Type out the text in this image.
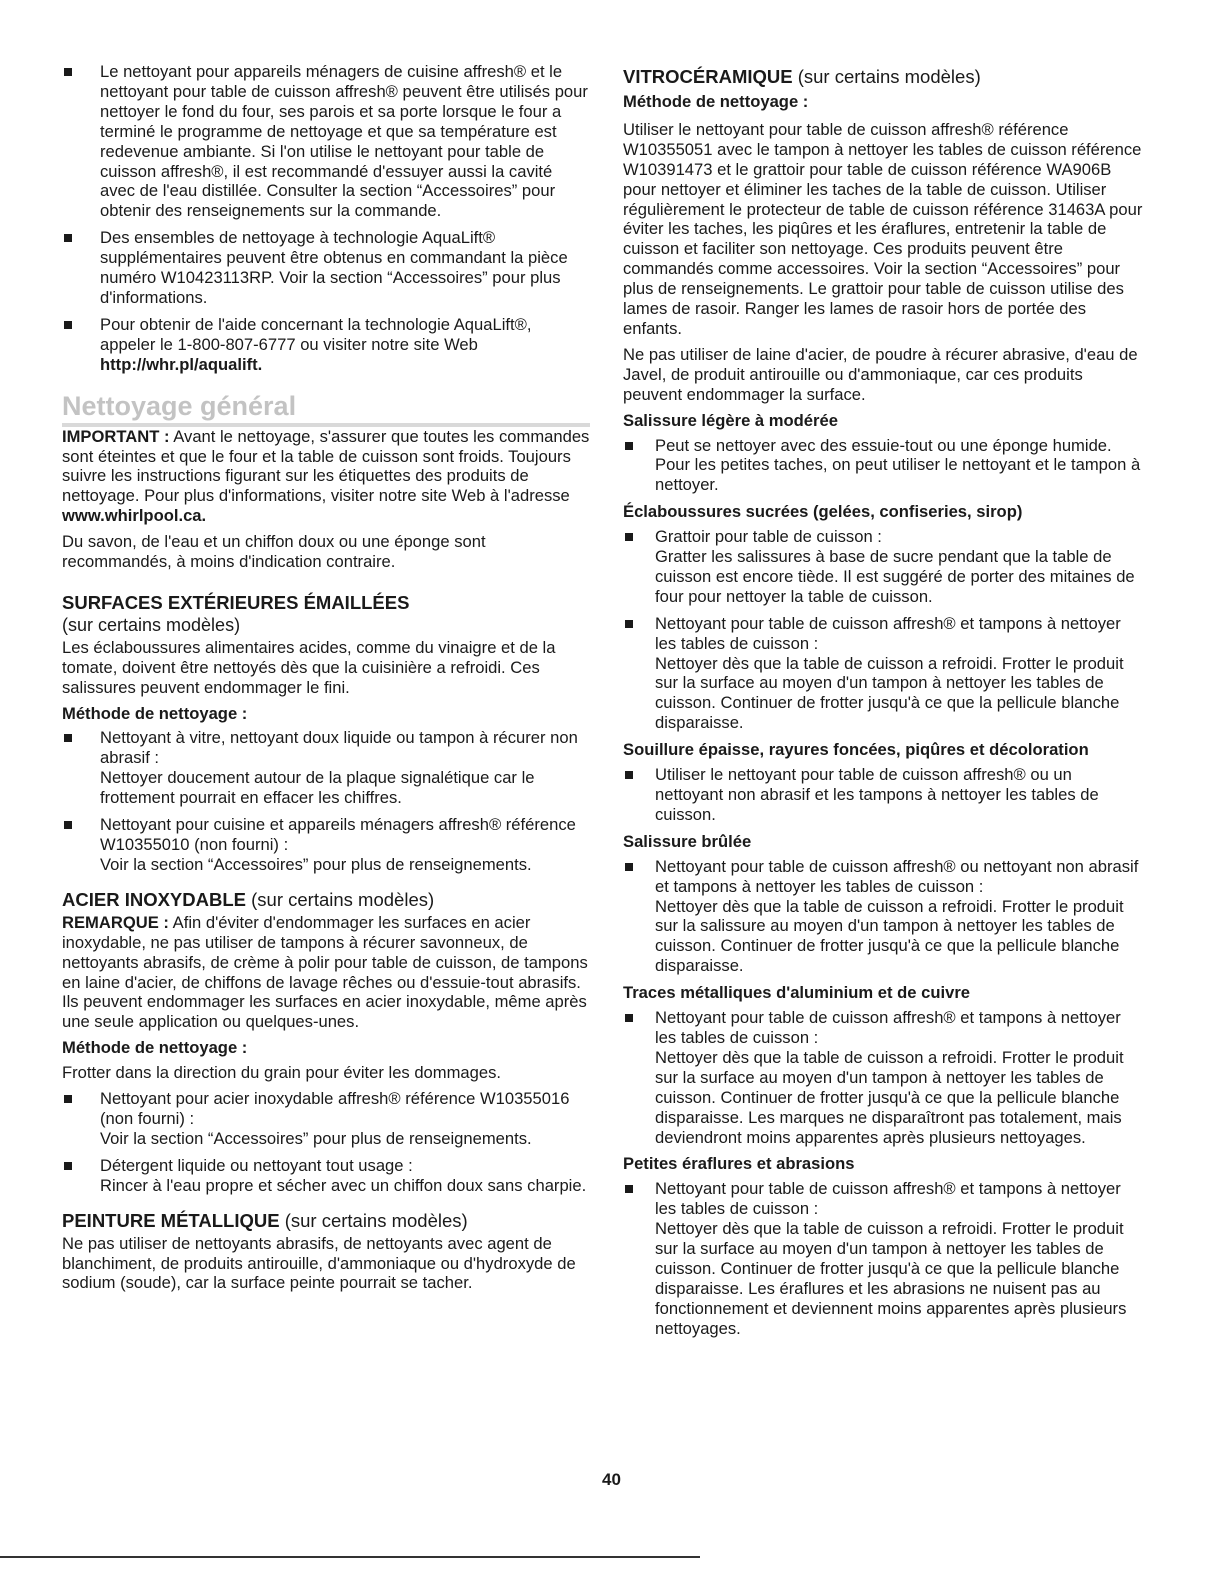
Le nettoyant pour appareils ménagers de cuisine affresh® et le nettoyant pour table de cuisson affresh® peuvent être utilisés pour nettoyer le fond du four, ses parois et sa porte lorsque le four a terminé le programme de nettoyage et que sa température est redevenue ambiante. Si l'on utilise le nettoyant pour table de cuisson affresh®, il est recommandé d'essuyer aussi la cavité avec de l'eau distillée. Consulter la section “Accessoires” pour obtenir des renseignements sur la commande.
Des ensembles de nettoyage à technologie AquaLift® supplémentaires peuvent être obtenus en commandant la pièce numéro W10423113RP. Voir la section “Accessoires” pour plus d'informations.
Pour obtenir de l'aide concernant la technologie AquaLift®, appeler le 1-800-807-6777 ou visiter notre site Web http://whr.pl/aqualift.
Nettoyage général

IMPORTANT : Avant le nettoyage, s'assurer que toutes les commandes sont éteintes et que le four et la table de cuisson sont froids. Toujours suivre les instructions figurant sur les étiquettes des produits de nettoyage. Pour plus d'informations, visiter notre site Web à l'adresse www.whirlpool.ca.

Du savon, de l'eau et un chiffon doux ou une éponge sont recommandés, à moins d'indication contraire.

SURFACES EXTÉRIEURES ÉMAILLÉES
(sur certains modèles)

Les éclaboussures alimentaires acides, comme du vinaigre et de la tomate, doivent être nettoyés dès que la cuisinière a refroidi. Ces salissures peuvent endommager le fini.

Méthode de nettoyage :
Nettoyant à vitre, nettoyant doux liquide ou tampon à récurer non abrasif :
Nettoyer doucement autour de la plaque signalétique car le frottement pourrait en effacer les chiffres.
Nettoyant pour cuisine et appareils ménagers affresh® référence W10355010 (non fourni) :
Voir la section “Accessoires” pour plus de renseignements.
ACIER INOXYDABLE (sur certains modèles)

REMARQUE : Afin d'éviter d'endommager les surfaces en acier inoxydable, ne pas utiliser de tampons à récurer savonneux, de nettoyants abrasifs, de crème à polir pour table de cuisson, de tampons en laine d'acier, de chiffons de lavage rêches ou d'essuie-tout abrasifs. Ils peuvent endommager les surfaces en acier inoxydable, même après une seule application ou quelques-unes.

Méthode de nettoyage :

Frotter dans la direction du grain pour éviter les dommages.

Nettoyant pour acier inoxydable affresh® référence W10355016 (non fourni) :
Voir la section “Accessoires” pour plus de renseignements.
Détergent liquide ou nettoyant tout usage :
Rincer à l'eau propre et sécher avec un chiffon doux sans charpie.
PEINTURE MÉTALLIQUE (sur certains modèles)

Ne pas utiliser de nettoyants abrasifs, de nettoyants avec agent de blanchiment, de produits antirouille, d'ammoniaque ou d'hydroxyde de sodium (soude), car la surface peinte pourrait se tacher.

VITROCÉRAMIQUE (sur certains modèles)
Méthode de nettoyage :

Utiliser le nettoyant pour table de cuisson affresh® référence W10355051 avec le tampon à nettoyer les tables de cuisson référence W10391473 et le grattoir pour table de cuisson référence WA906B pour nettoyer et éliminer les taches de la table de cuisson. Utiliser régulièrement le protecteur de table de cuisson référence 31463A pour éviter les taches, les piqûres et les éraflures, entretenir la table de cuisson et faciliter son nettoyage. Ces produits peuvent être commandés comme accessoires. Voir la section “Accessoires” pour plus de renseignements. Le grattoir pour table de cuisson utilise des lames de rasoir. Ranger les lames de rasoir hors de portée des enfants.

Ne pas utiliser de laine d'acier, de poudre à récurer abrasive, d'eau de Javel, de produit antirouille ou d'ammoniaque, car ces produits peuvent endommager la surface.

Salissure légère à modérée
Peut se nettoyer avec des essuie-tout ou une éponge humide. Pour les petites taches, on peut utiliser le nettoyant et le tampon à nettoyer.
Éclaboussures sucrées (gelées, confiseries, sirop)
Grattoir pour table de cuisson :
Gratter les salissures à base de sucre pendant que la table de cuisson est encore tiède. Il est suggéré de porter des mitaines de four pour nettoyer la table de cuisson.
Nettoyant pour table de cuisson affresh® et tampons à nettoyer les tables de cuisson :
Nettoyer dès que la table de cuisson a refroidi. Frotter le produit sur la surface au moyen d'un tampon à nettoyer les tables de cuisson. Continuer de frotter jusqu'à ce que la pellicule blanche disparaisse.
Souillure épaisse, rayures foncées, piqûres et décoloration
Utiliser le nettoyant pour table de cuisson affresh® ou un nettoyant non abrasif et les tampons à nettoyer les tables de cuisson.
Salissure brûlée
Nettoyant pour table de cuisson affresh® ou nettoyant non abrasif et tampons à nettoyer les tables de cuisson :
Nettoyer dès que la table de cuisson a refroidi. Frotter le produit sur la salissure au moyen d'un tampon à nettoyer les tables de cuisson. Continuer de frotter jusqu'à ce que la pellicule blanche disparaisse.
Traces métalliques d'aluminium et de cuivre
Nettoyant pour table de cuisson affresh® et tampons à nettoyer les tables de cuisson :
Nettoyer dès que la table de cuisson a refroidi. Frotter le produit sur la surface au moyen d'un tampon à nettoyer les tables de cuisson. Continuer de frotter jusqu'à ce que la pellicule blanche disparaisse. Les marques ne disparaîtront pas totalement, mais deviendront moins apparentes après plusieurs nettoyages.
Petites éraflures et abrasions
Nettoyant pour table de cuisson affresh® et tampons à nettoyer les tables de cuisson :
Nettoyer dès que la table de cuisson a refroidi. Frotter le produit sur la surface au moyen d'un tampon à nettoyer les tables de cuisson. Continuer de frotter jusqu'à ce que la pellicule blanche disparaisse. Les éraflures et les abrasions ne nuisent pas au fonctionnement et deviennent moins apparentes après plusieurs nettoyages.
40
